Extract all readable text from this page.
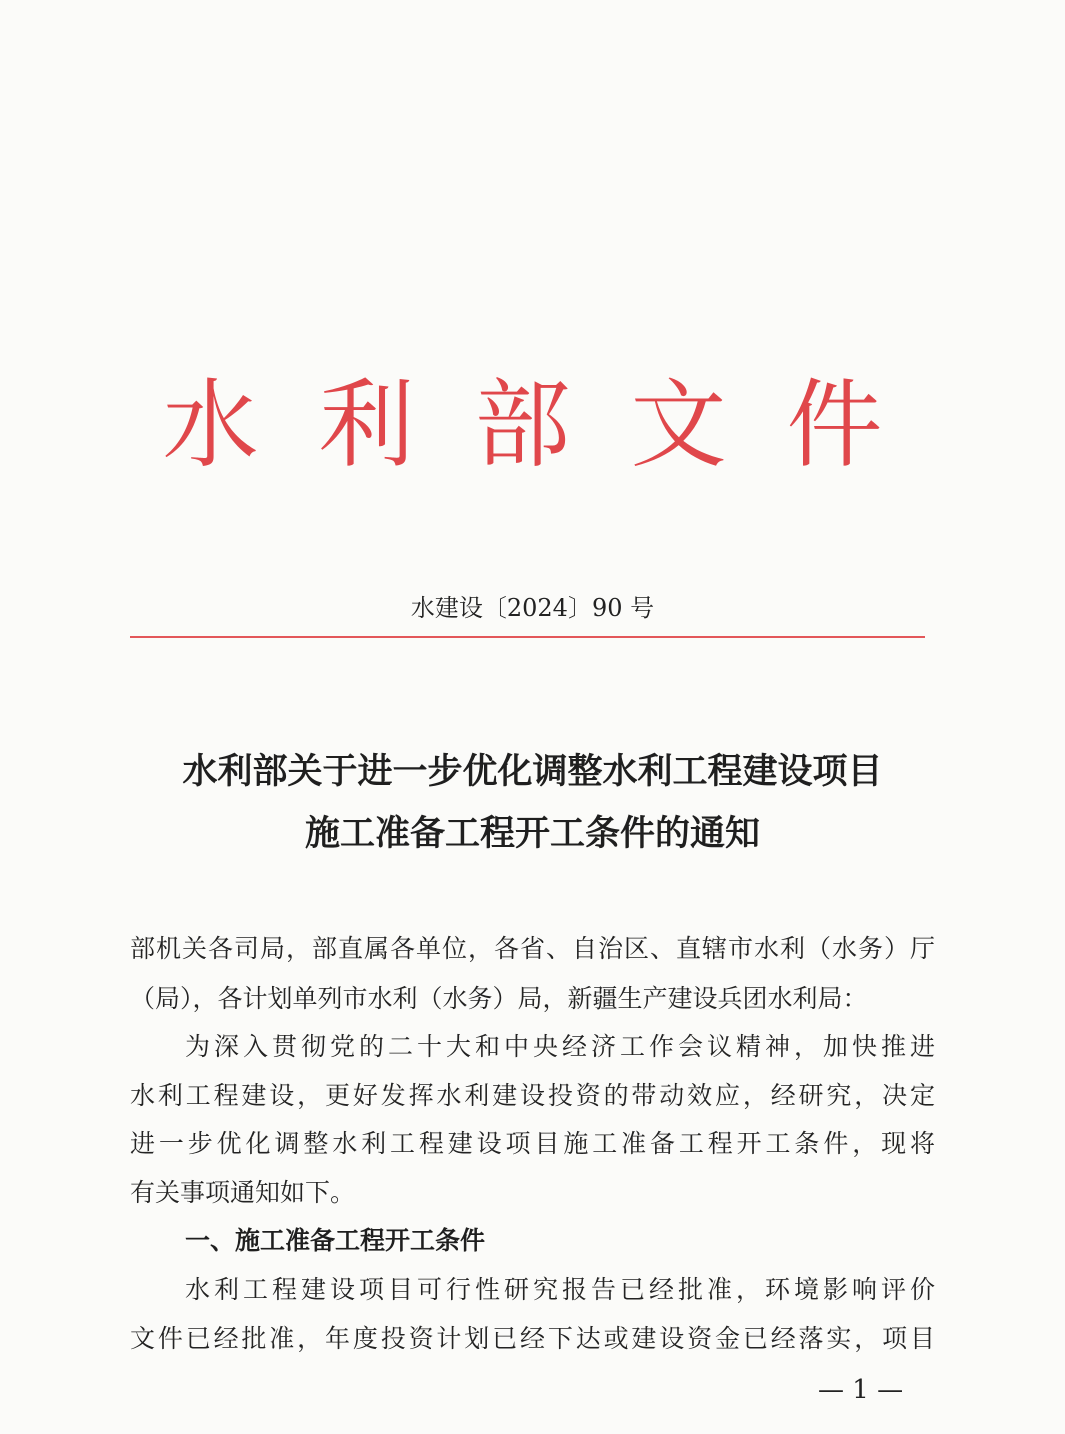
水利部文件
水建设〔2024〕90 号
水利部关于进一步优化调整水利工程建设项目
施工准备工程开工条件的通知
部机关各司局，部直属各单位，各省、自治区、直辖市水利（水务）厅
（局），各计划单列市水利（水务）局，新疆生产建设兵团水利局：
为深入贯彻党的二十大和中央经济工作会议精神，加快推进
水利工程建设，更好发挥水利建设投资的带动效应，经研究，决定
进一步优化调整水利工程建设项目施工准备工程开工条件，现将
有关事项通知如下。
一、施工准备工程开工条件
水利工程建设项目可行性研究报告已经批准，环境影响评价
文件已经批准，年度投资计划已经下达或建设资金已经落实，项目
— 1 —
